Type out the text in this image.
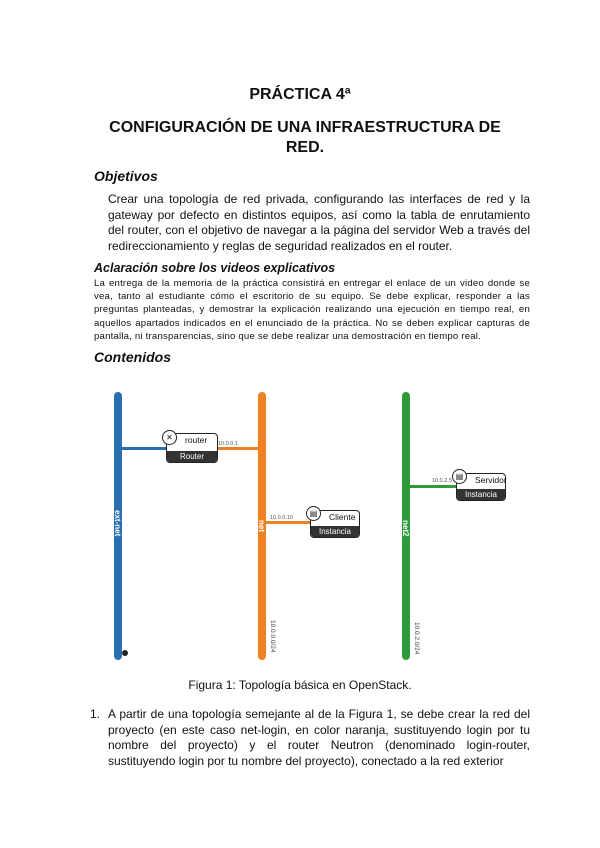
PRÁCTICA 4ª
CONFIGURACIÓN DE UNA INFRAESTRUCTURA DE RED.
Objetivos
Crear una topología de red privada, configurando las interfaces de red y la gateway por defecto en distintos equipos, así como la tabla de enrutamiento del router, con el objetivo de navegar a la página del servidor Web a través del redireccionamiento y reglas de seguridad realizados en el router.
Aclaración sobre los videos explicativos
La entrega de la memoria de la práctica consistirá en entregar el enlace de un video donde se vea, tanto al estudiante cómo el escritorio de su equipo. Se debe explicar, responder a las preguntas planteadas, y demostrar la explicación realizando una ejecución en tiempo real, en aquellos apartados indicados en el enunciado de la práctica. No se deben explicar capturas de pantalla, ni transparencias, sino que se debe realizar una demostración en tiempo real.
Contenidos
ext-net	net
10.0.0.0/24
net2
10.0.2.0/24
router
Router
✕
10.0.0.1
Cliente
Instancia
▤
10.0.0.10
Servidor
Instancia
▤
10.0.2.5
Figura 1: Topología básica en OpenStack.
1. A partir de una topología semejante al de la Figura 1, se debe crear la red del proyecto (en este caso net-login, en color naranja, sustituyendo login por tu nombre del proyecto) y el router Neutron (denominado login-router, sustituyendo login por tu nombre del proyecto), conectado a la red exterior
